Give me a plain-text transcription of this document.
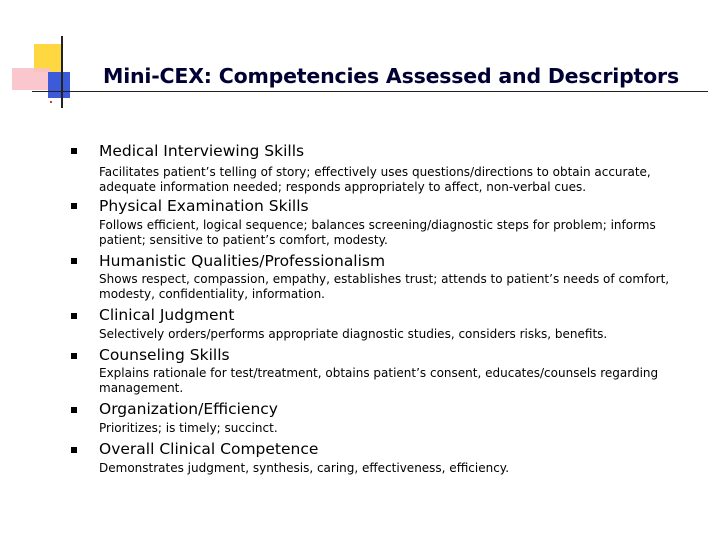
Mini-CEX: Competencies Assessed and Descriptors
Medical Interviewing Skills
Facilitates patient’s telling of story; effectively uses questions/directions to obtain accurate, adequate information needed; responds appropriately to affect, non-verbal cues.
Physical Examination Skills
Follows efficient, logical sequence; balances screening/diagnostic steps for problem; informs patient; sensitive to patient’s comfort, modesty.
Humanistic Qualities/Professionalism
Shows respect, compassion, empathy, establishes trust; attends to patient’s needs of comfort, modesty, confidentiality, information.
Clinical Judgment
Selectively orders/performs appropriate diagnostic studies, considers risks, benefits.
Counseling Skills
Explains rationale for test/treatment, obtains patient’s consent, educates/counsels regarding management.
Organization/Efficiency
Prioritizes; is timely; succinct.
Overall Clinical Competence
Demonstrates judgment, synthesis, caring, effectiveness, efficiency.
